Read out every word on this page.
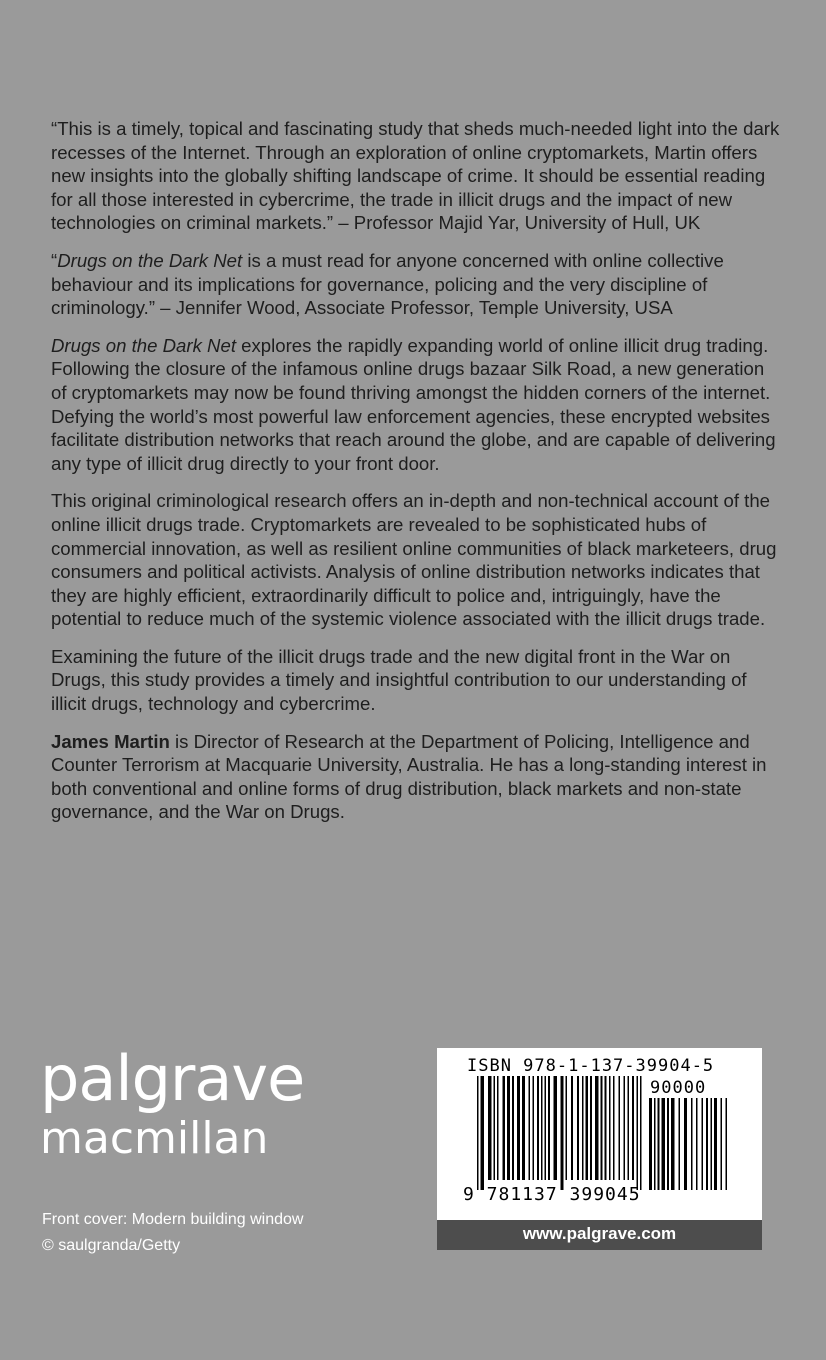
“This is a timely, topical and fascinating study that sheds much-needed light into the dark recesses of the Internet. Through an exploration of online cryptomarkets, Martin offers new insights into the globally shifting landscape of crime. It should be essential reading for all those interested in cybercrime, the trade in illicit drugs and the impact of new technologies on criminal markets.” – Professor Majid Yar, University of Hull, UK

“Drugs on the Dark Net is a must read for anyone concerned with online collective behaviour and its implications for governance, policing and the very discipline of criminology.” – Jennifer Wood, Associate Professor, Temple University, USA

Drugs on the Dark Net explores the rapidly expanding world of online illicit drug trading. Following the closure of the infamous online drugs bazaar Silk Road, a new generation of cryptomarkets may now be found thriving amongst the hidden corners of the internet. Defying the world’s most powerful law enforcement agencies, these encrypted websites facilitate distribution networks that reach around the globe, and are capable of delivering any type of illicit drug directly to your front door.

This original criminological research offers an in-depth and non-technical account of the online illicit drugs trade. Cryptomarkets are revealed to be sophisticated hubs of commercial innovation, as well as resilient online communities of black marketeers, drug consumers and political activists. Analysis of online distribution networks indicates that they are highly efficient, extraordinarily difficult to police and, intriguingly, have the potential to reduce much of the systemic violence associated with the illicit drugs trade.

Examining the future of the illicit drugs trade and the new digital front in the War on Drugs, this study provides a timely and insightful contribution to our understanding of illicit drugs, technology and cybercrime.

James Martin is Director of Research at the Department of Policing, Intelligence and Counter Terrorism at Macquarie University, Australia. He has a long-standing interest in both conventional and online forms of drug distribution, black markets and non-state governance, and the War on Drugs.

palgrave
macmillan
Front cover: Modern building window
© saulgranda/Getty
ISBN 978-1-137-39904-5
90000
9 781137 399045
www.palgrave.com
